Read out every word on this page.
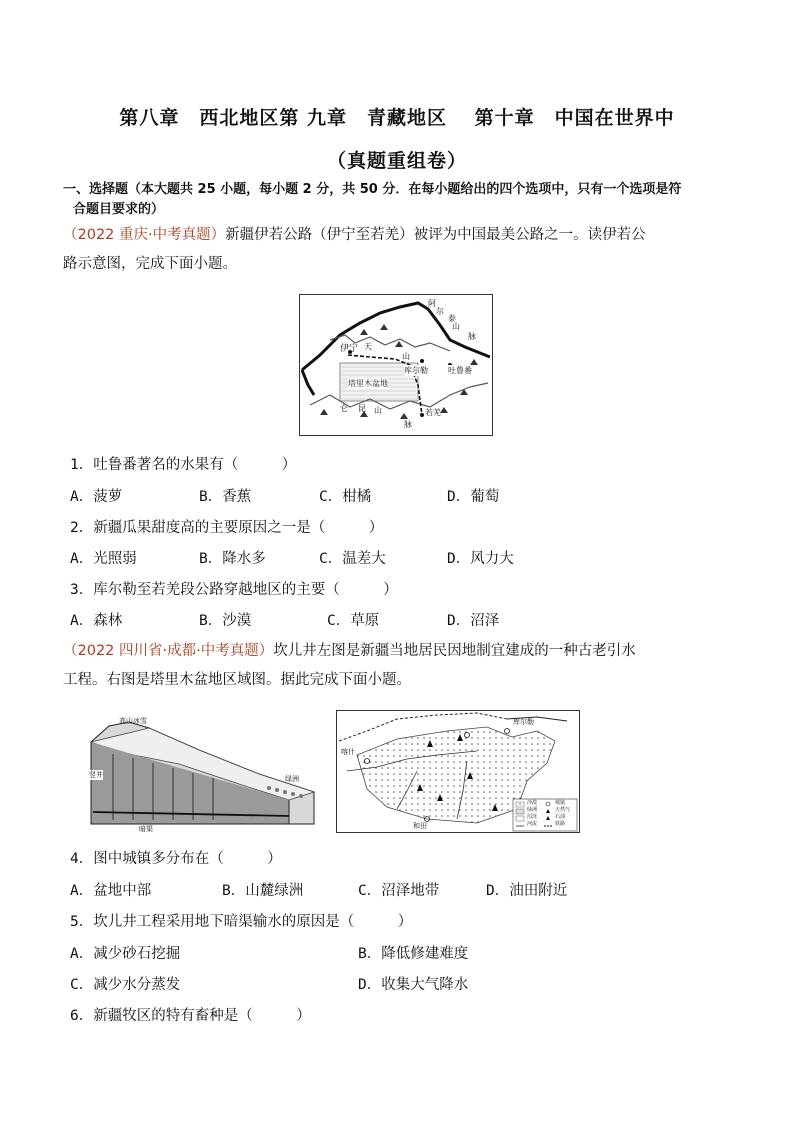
第八章　西北地区第 九章　青藏地区　 第十章　中国在世界中
（真题重组卷）
一、选择题（本大题共 25 小题，每小题 2 分，共 50 分．在每小题给出的四个选项中，只有一个选项是符
合题目要求的）
（2022 重庆·中考真题）新疆伊若公路（伊宁至若羌）被评为中国最美公路之一。读伊若公
路示意图，完成下面小题。
阿
尔
泰
山
脉
伊宁 天
山
库尔勒	吐鲁番
塔里木盆地
昆 山	若羌
脉
仑
1．吐鲁番著名的水果有（　　　）
A．菠萝	B．香蕉	C．柑橘	D．葡萄
2．新疆瓜果甜度高的主要原因之一是（　　　）
A．光照弱	B．降水多	C．温差大	D．风力大
3．库尔勒至若羌段公路穿越地区的主要（　　　）
A．森林	B．沙漠	C．草原	D．沼泽
（2022 四川省·成都·中考真题）坎儿井左图是新疆当地居民因地制宜建成的一种古老引水
工程。右图是塔里木盆地区域图。据此完成下面小题。
高山冰雪
竖井	绿洲
暗渠
喀什
库尔勒
和田
沙漠
绿洲
沼泽
河流
城镇
天然气
石油
铁路
4．图中城镇多分布在（　　　）
A．盆地中部	B．山麓绿洲	C．沼泽地带	D．油田附近
5．坎儿井工程采用地下暗渠输水的原因是（　　　）
A．减少砂石挖掘	B．降低修建难度
C．减少水分蒸发	D．收集大气降水
6．新疆牧区的特有畜种是（　　　）
